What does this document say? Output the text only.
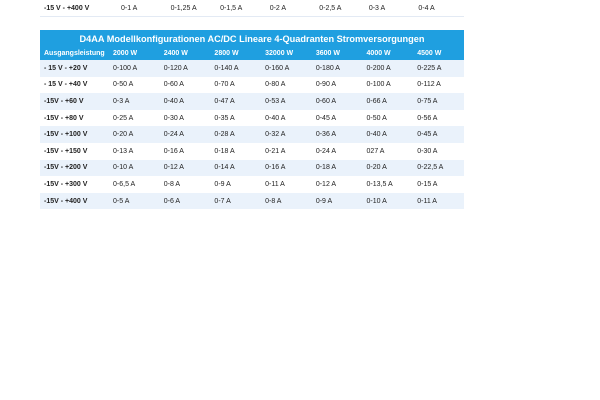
-15 V - +400 V	0-1 A	0-1,25 A	0-1,5 A	0-2 A	0-2,5 A	0-3 A	0-4 A
D4AA Modellkonfigurationen AC/DC Lineare 4-Quadranten Stromversorgungen							
Ausgangsleistung	2000 W	2400 W	2800 W	32000 W	3600 W	4000 W	4500 W
- 15 V - +20 V	0-100 A	0-120 A	0-140 A	0-160 A	0-180 A	0-200 A	0-225 A
- 15 V - +40 V	0-50 A	0-60 A	0-70 A	0-80 A	0-90 A	0-100 A	0-112 A
-15V - +60 V	0-3 A	0-40 A	0-47 A	0-53 A	0-60 A	0-66 A	0-75 A
-15V - +80 V	0-25 A	0-30 A	0-35 A	0-40 A	0-45 A	0-50 A	0-56 A
-15V - +100 V	0-20 A	0-24 A	0-28 A	0-32 A	0-36 A	0-40 A	0-45 A
-15V - +150 V	0-13 A	0-16 A	0-18 A	0-21 A	0-24 A	027 A	0-30 A
-15V - +200 V	0-10 A	0-12 A	0-14 A	0-16 A	0-18 A	0-20 A	0-22,5 A
-15V - +300 V	0-6,5 A	0-8 A	0-9 A	0-11 A	0-12 A	0-13,5 A	0-15 A
-15V - +400 V	0-5 A	0-6 A	0-7 A	0-8 A	0-9 A	0-10 A	0-11 A
